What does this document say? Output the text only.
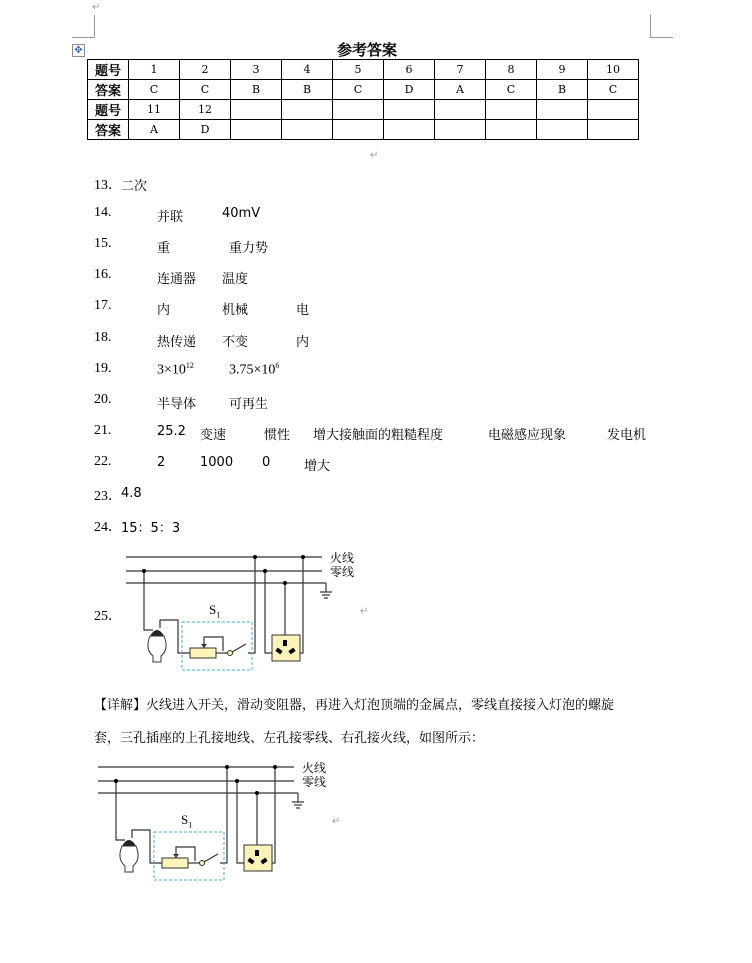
↵
✥	参考答案
题号	1	2	3	4	5	6	7	8	9	10
答案	C	C	B	B	C	D	A	C	B	C
题号	11	12								
答案	A	D								
↵
13． 二次
14.	并联	40mV
15.	重	重力势
16.	连通器 温度
17.	内	机械	电
18.	热传递 不变	内
19.	$3\times 10^{12}$	$3.75\times 10^6$
20.	半导体	可再生
21.	25.2 变速	惯性 增大接触面的粗糙程度	电磁感应现象	发电机
22.	2	1000 0	增大
23． 4.8
24． 15：5：3
25．
火线
零线
$S_1$	↵
火线
零线
$S_1$	↵
【详解】火线进入开关，滑动变阻器，再进入灯泡顶端的金属点，零线直接接入灯泡的螺旋
套，三孔插座的上孔接地线、左孔接零线、右孔接火线，如图所示：
